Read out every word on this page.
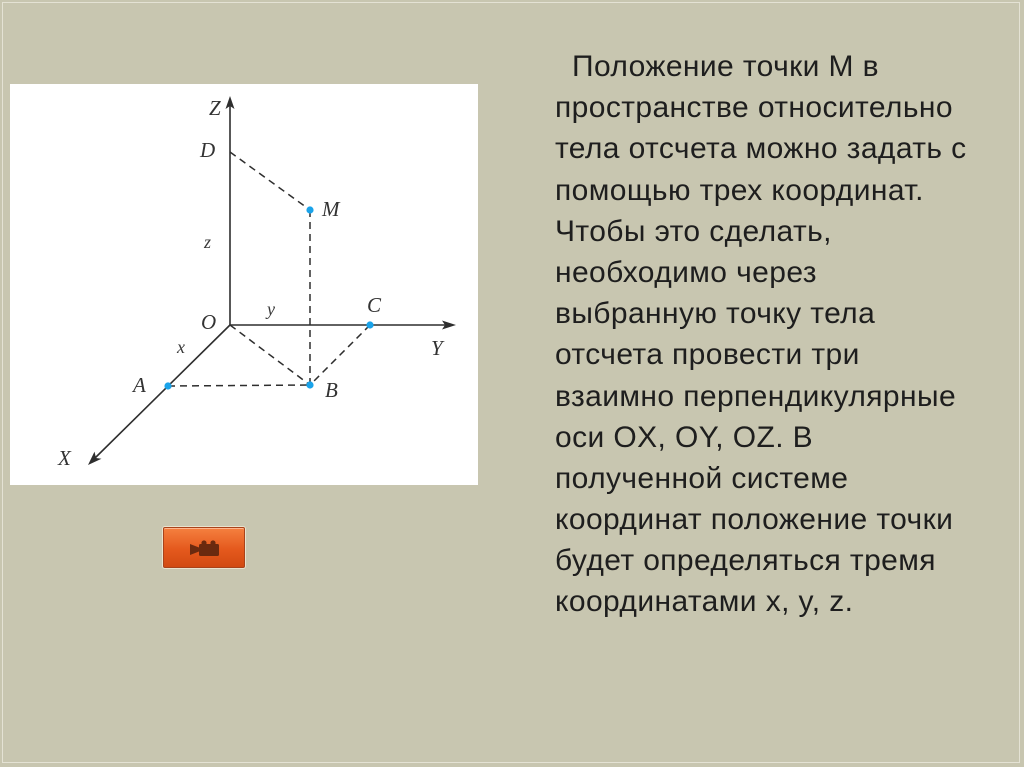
Z
D
M
z
O
y	C
Y
x
A	B
X
Положение точки М в
пространстве относительно
тела отсчета можно задать с
помощью трех координат.
Чтобы это сделать,
необходимо через
выбранную точку тела
отсчета провести три
взаимно перпендикулярные
оси OX, OY, OZ. В
полученной системе
координат положение точки
будет определяться тремя
координатами x, y, z.
